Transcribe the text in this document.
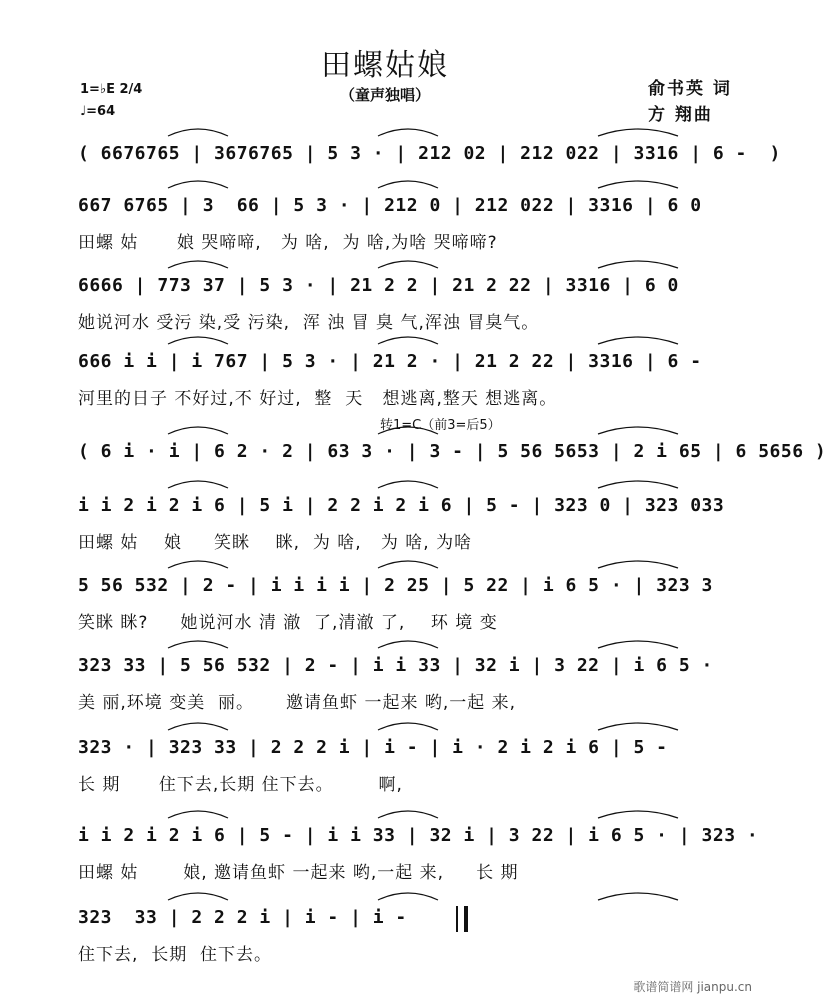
田螺姑娘
（童声独唱）	俞书英 词
方 翔曲
1=♭E 2/4
♩=64
转1=C（前3=后5）
( 6676765 | 3676765 | 5 3 · | 212 02 | 212 022 | 3316 | 6 -  )
667 6765 | 3  66 | 5 3 · | 212 0 | 212 022 | 3316 | 6 0
田螺 姑      娘 哭啼啼,   为 啥,  为 啥,为啥 哭啼啼?
6666 | 773 37 | 5 3 · | 21 2 2 | 21 2 22 | 3316 | 6 0
她说河水 受污 染,受 污染,  浑 浊 冒 臭 气,浑浊 冒臭气。
666 i i | i 767 | 5 3 · | 21 2 · | 21 2 22 | 3316 | 6 -
河里的日子 不好过,不 好过,  整  天   想逃离,整天 想逃离。
( 6 i · i | 6 2 · 2 | 63 3 · | 3 - | 5 56 5653 | 2 i 65 | 6 5656 )
i i 2 i 2 i 6 | 5 i | 2 2 i 2 i 6 | 5 - | 323 0 | 323 033
田螺 姑    娘     笑眯    眯,  为 啥,   为 啥, 为啥
5 56 532 | 2 - | i i i i | 2 25 | 5 22 | i 6 5 · | 323 3
笑眯 眯?     她说河水 清 澈  了,清澈 了,    环 境 变
323 33 | 5 56 532 | 2 - | i i 33 | 32 i | 3 22 | i 6 5 ·
美 丽,环境 变美  丽。     邀请鱼虾 一起来 哟,一起 来,
323 · | 323 33 | 2 2 2 i | i - | i · 2 i 2 i 6 | 5 -
长 期      住下去,长期 住下去。       啊,
i i 2 i 2 i 6 | 5 - | i i 33 | 32 i | 3 22 | i 6 5 · | 323 ·
田螺 姑       娘, 邀请鱼虾 一起来 哟,一起 来,     长 期
323  33 | 2 2 2 i | i - | i -
住下去,  长期  住下去。
歌谱简谱网 jianpu.cn
